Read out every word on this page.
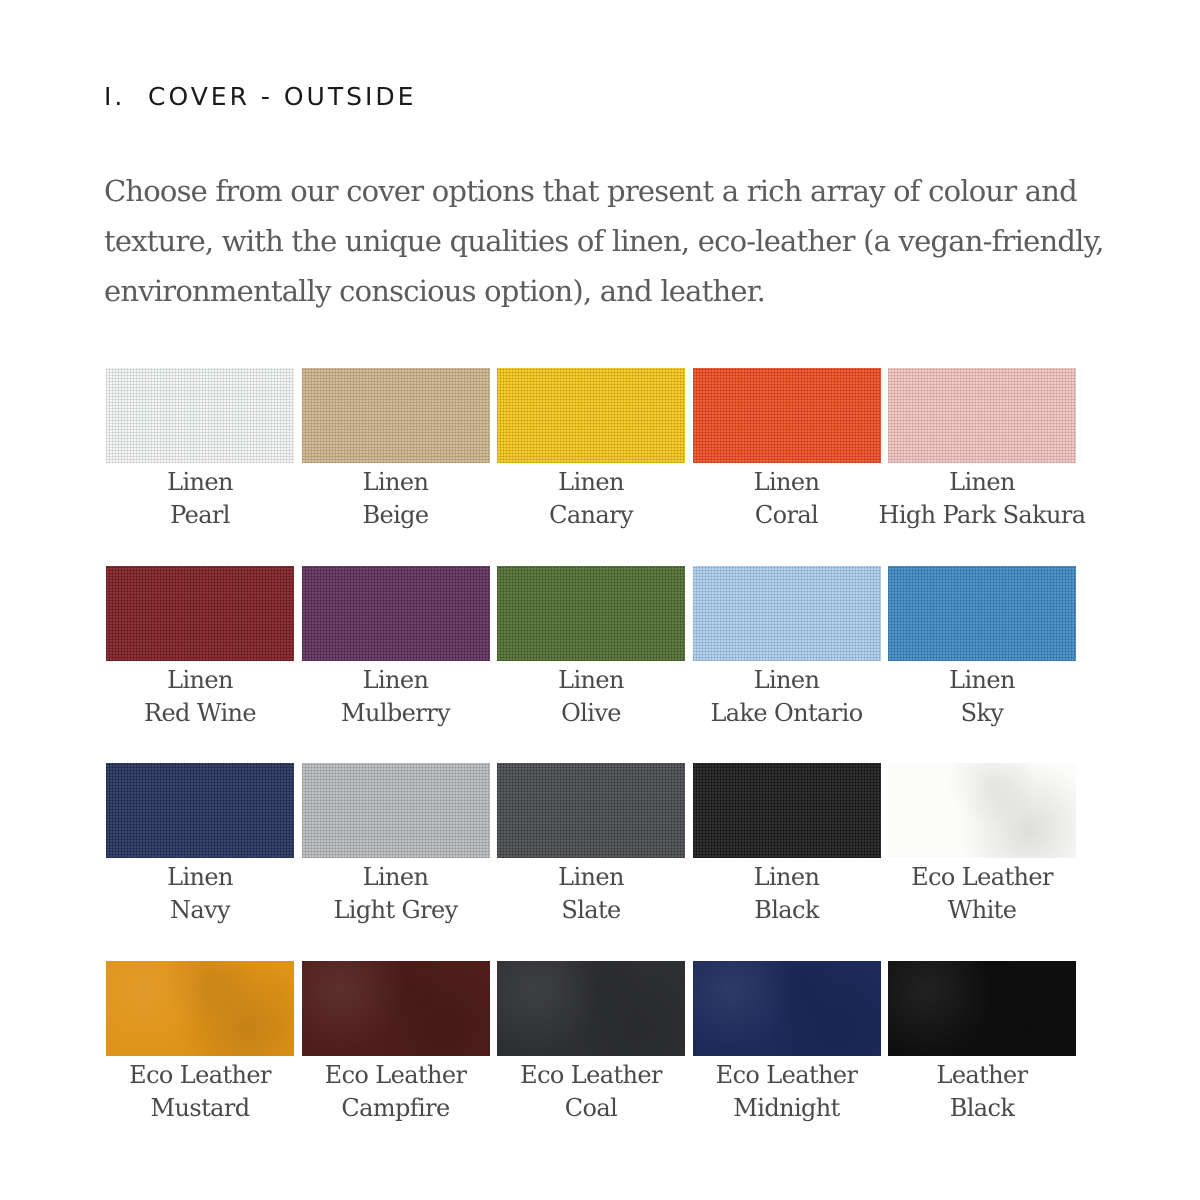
I. COVER - OUTSIDE

Choose from our cover options that present a rich array of colour and texture, with the unique qualities of linen, eco-leather (a vegan-friendly, environmentally conscious option), and leather.

Linen
Pearl
Linen
Beige
Linen
Canary
Linen
Coral
Linen
High Park Sakura
Linen
Red Wine
Linen
Mulberry
Linen
Olive
Linen
Lake Ontario
Linen
Sky
Linen
Navy
Linen
Light Grey
Linen
Slate
Linen
Black
Eco Leather
White
Eco Leather
Mustard
Eco Leather
Campfire
Eco Leather
Coal
Eco Leather
Midnight
Leather
Black
